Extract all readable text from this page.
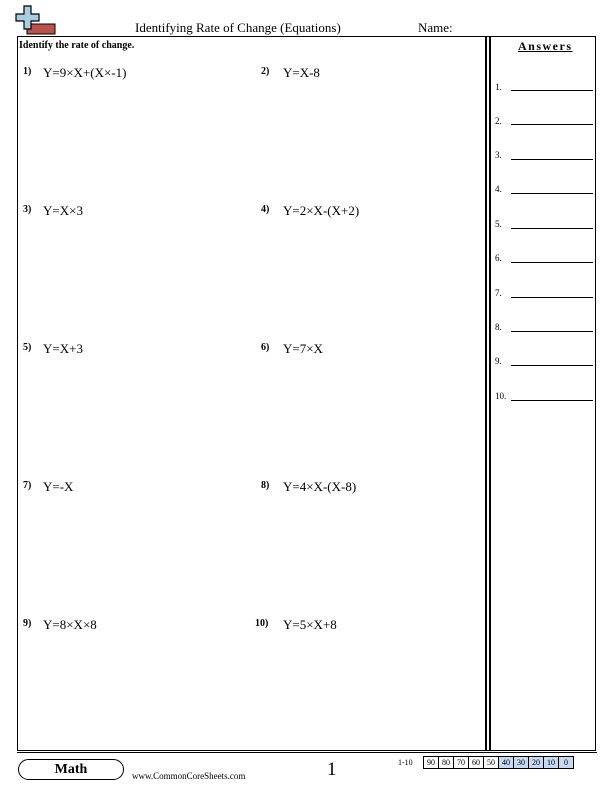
Identifying Rate of Change (Equations)	Name:
Identify the rate of change.
1) Y=9×X+(X×-1)	2) Y=X-8
3) Y=X×3	4) Y=2×X-(X+2)
5) Y=X+3	6) Y=7×X
7) Y=-X	8) Y=4×X-(X-8)
9) Y=8×X×8	10) Y=5×X+8
Answers
1.
2.
3.
4.
5.
6.
7.
8.
9.
10.
Math	www.CommonCoreSheets.com	1	1-10 90	80	70	60	50	40	30	20	10	0
